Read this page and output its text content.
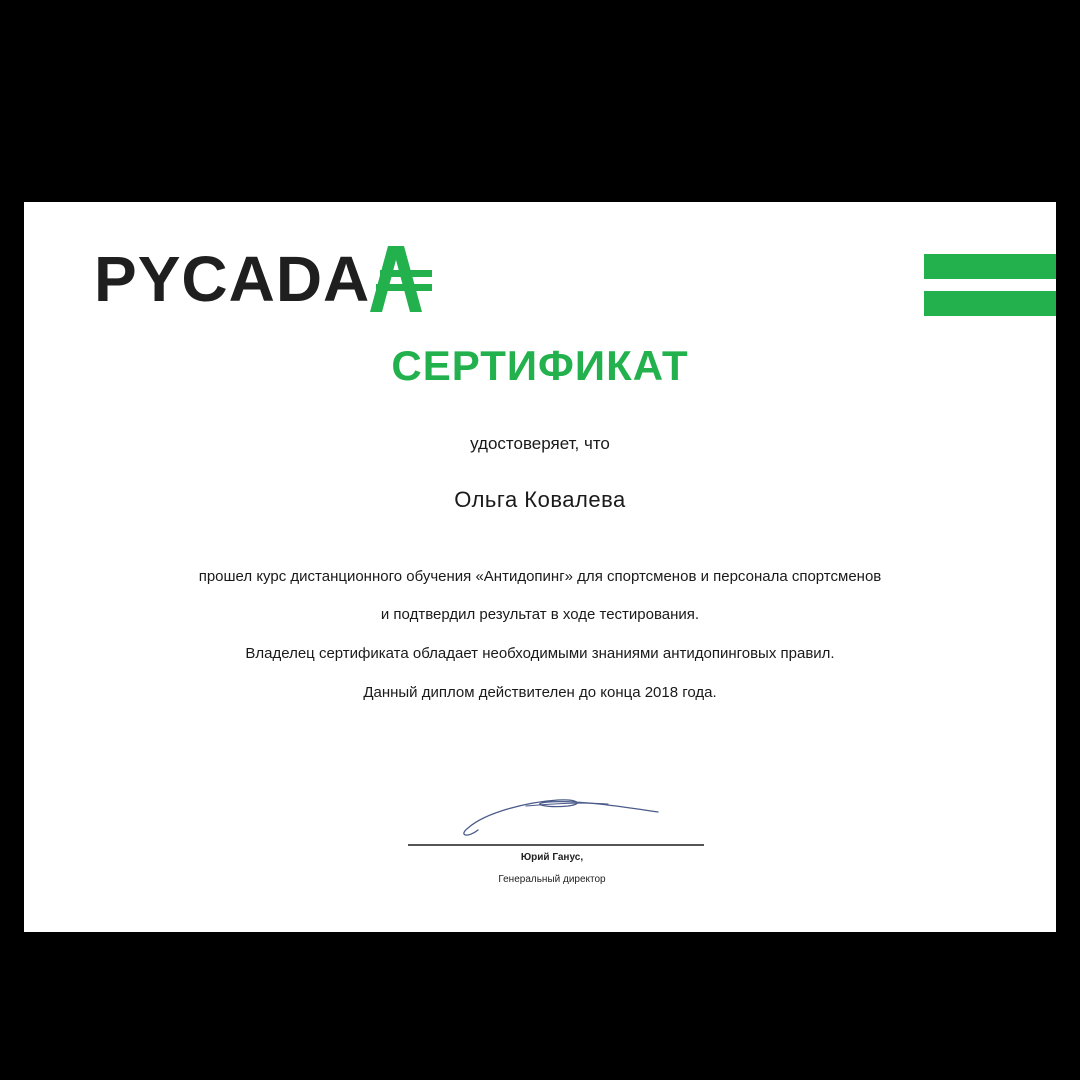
PYCADA
СЕРТИФИКАТ
удостоверяет, что
Ольга Ковалева
прошел курс дистанционного обучения «Антидопинг» для спортсменов и персонала спортсменов
и подтвердил результат в ходе тестирования.
Владелец сертификата обладает необходимыми знаниями антидопинговых правил.
Данный диплом действителен до конца 2018 года.
Юрий Ганус,
Генеральный директор
